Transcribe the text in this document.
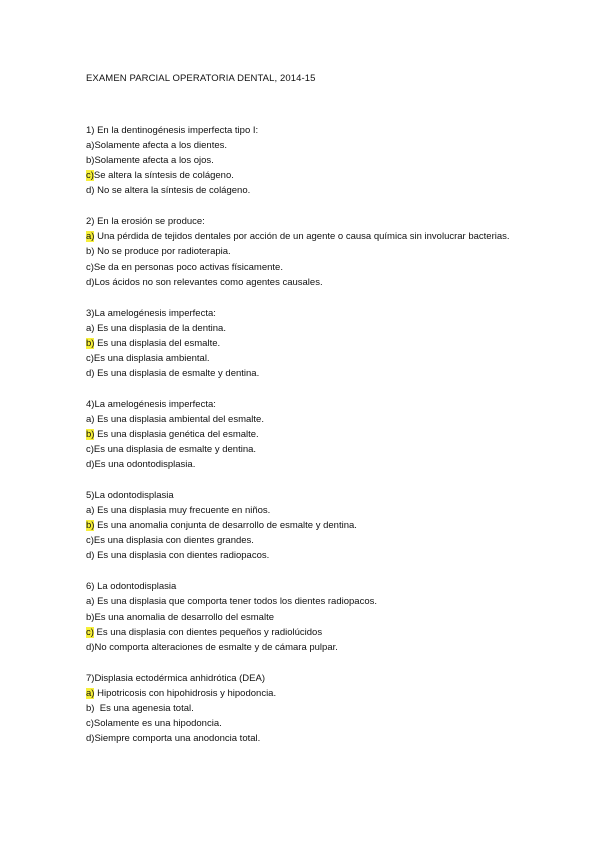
EXAMEN PARCIAL OPERATORIA DENTAL, 2014-15
1) En la dentinogénesis imperfecta tipo I:
a)Solamente afecta a los dientes.
b)Solamente afecta a los ojos.
c)Se altera la síntesis de colágeno.
d) No se altera la síntesis de colágeno.
2) En la erosión se produce:
a) Una pérdida de tejidos dentales por acción de un agente o causa química sin involucrar bacterias.
b) No se produce por radioterapia.
c)Se da en personas poco activas físicamente.
d)Los ácidos no son relevantes como agentes causales.
3)La amelogénesis imperfecta:
a) Es una displasia de la dentina.
b) Es una displasia del esmalte.
c)Es una displasia ambiental.
d) Es una displasia de esmalte y dentina.
4)La amelogénesis imperfecta:
a) Es una displasia ambiental del esmalte.
b) Es una displasia genética del esmalte.
c)Es una displasia de esmalte y dentina.
d)Es una odontodisplasia.
5)La odontodisplasia
a) Es una displasia muy frecuente en niños.
b) Es una anomalia conjunta de desarrollo de esmalte y dentina.
c)Es una displasia con dientes grandes.
d) Es una displasia con dientes radiopacos.
6) La odontodisplasia
a) Es una displasia que comporta tener todos los dientes radiopacos.
b)Es una anomalia de desarrollo del esmalte
c) Es una displasia con dientes pequeños y radiolúcidos
d)No comporta alteraciones de esmalte y de cámara pulpar.
7)Displasia ectodérmica anhidrótica (DEA)
a) Hipotricosis con hipohidrosis y hipodoncia.
b)  Es una agenesia total.
c)Solamente es una hipodoncia.
d)Siempre comporta una anodoncia total.
